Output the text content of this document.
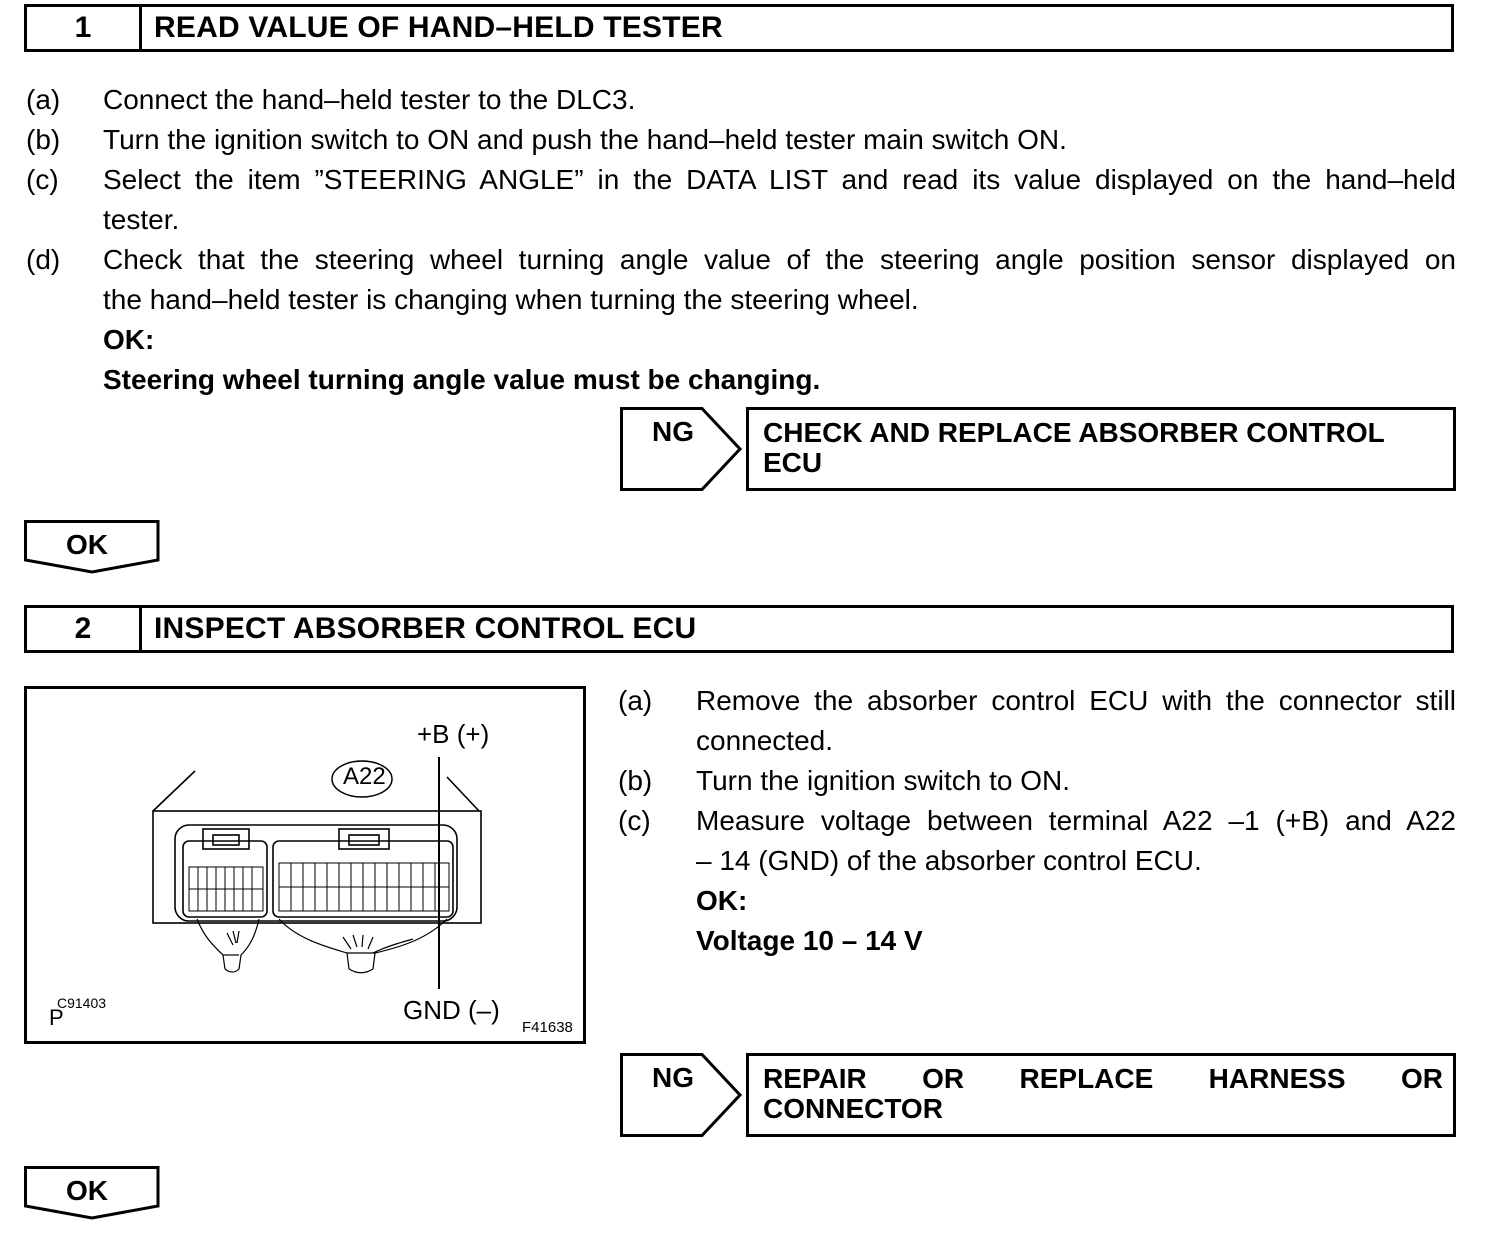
1	READ VALUE OF HAND–HELD TESTER
(a) Connect the hand–held tester to the DLC3.
(b) Turn the ignition switch to ON and push the hand–held tester main switch ON.
(c) Select the item ”STEERING ANGLE” in the DATA LIST and read its value displayed on the hand–held
tester.
(d) Check that the steering wheel turning angle value of the steering angle position sensor displayed on
the hand–held tester is changing when turning the steering wheel.
OK:
Steering wheel turning angle value must be changing.
NG CHECK AND REPLACE ABSORBER CONTROL
ECU
OK
2	INSPECT ABSORBER CONTROL ECU
A22
+B (+)
GND (–)
P
C91403
F41638
(a) Remove the absorber control ECU with the connector still
connected.
(b) Turn the ignition switch to ON.
(c) Measure voltage between terminal A22 –1 (+B) and A22
– 14 (GND) of the absorber control ECU.
OK:
Voltage 10 – 14 V
NG REPAIR OR REPLACE HARNESS OR
CONNECTOR
OK
